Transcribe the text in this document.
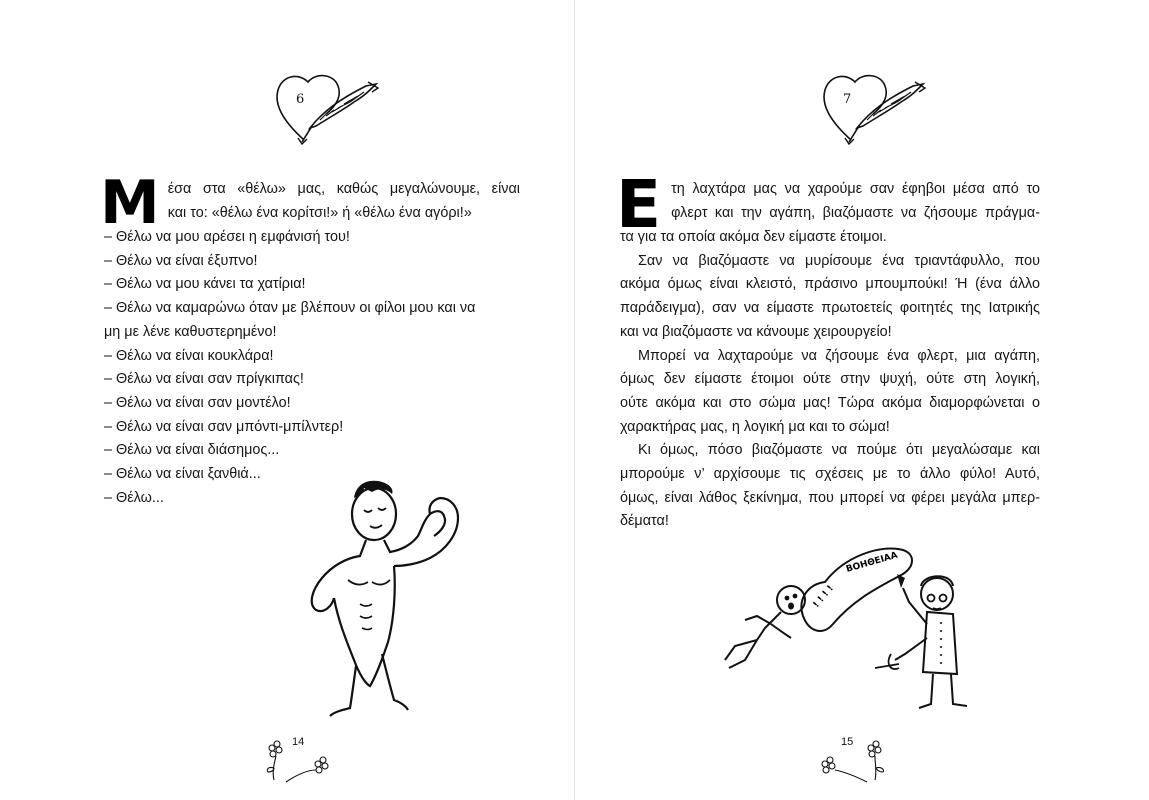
6
M έσα στα «θέλω» μας, καθώς μεγαλώνουμε, είναι
και το: «θέλω ένα κορίτσι!» ή «θέλω ένα αγόρι!»
– Θέλω να μου αρέσει η εμφάνισή του!
– Θέλω να είναι έξυπνο!
– Θέλω να μου κάνει τα χατίρια!
– Θέλω να καμαρώνω όταν με βλέπουν οι φίλοι μου και να
μη με λένε καθυστερημένο!
– Θέλω να είναι κουκλάρα!
– Θέλω να είναι σαν πρίγκιπας!
– Θέλω να είναι σαν μοντέλο!
– Θέλω να είναι σαν μπόντι-μπίλντερ!
– Θέλω να είναι διάσημος...
– Θέλω να είναι ξανθιά...
– Θέλω...
14
7
Ε τη λαχτάρα μας να χαρούμε σαν έφηβοι μέσα από το
φλερτ και την αγάπη, βιαζόμαστε να ζήσουμε πράγμα-
τα για τα οποία ακόμα δεν είμαστε έτοιμοι.
Σαν να βιαζόμαστε να μυρίσουμε ένα τριαντάφυλλο, που
ακόμα όμως είναι κλειστό, πράσινο μπουμπούκι! Ή (ένα άλλο
παράδειγμα), σαν να είμαστε πρωτοετείς φοιτητές της Ιατρικής
και να βιαζόμαστε να κάνουμε χειρουργείο!
Μπορεί να λαχταρούμε να ζήσουμε ένα φλερτ, μια αγάπη,
όμως δεν είμαστε έτοιμοι ούτε στην ψυχή, ούτε στη λογική,
ούτε ακόμα και στο σώμα μας! Τώρα ακόμα διαμορφώνεται ο
χαρακτήρας μας, η λογική μα και το σώμα!
Κι όμως, πόσο βιαζόμαστε να πούμε ότι μεγαλώσαμε και
μπορούμε ν’ αρχίσουμε τις σχέσεις με το άλλο φύλο! Αυτό,
όμως, είναι λάθος ξεκίνημα, που μπορεί να φέρει μεγάλα μπερ-
δέματα!
ΒΟΗΘΕΙΑΑ
! ! ! !
15
